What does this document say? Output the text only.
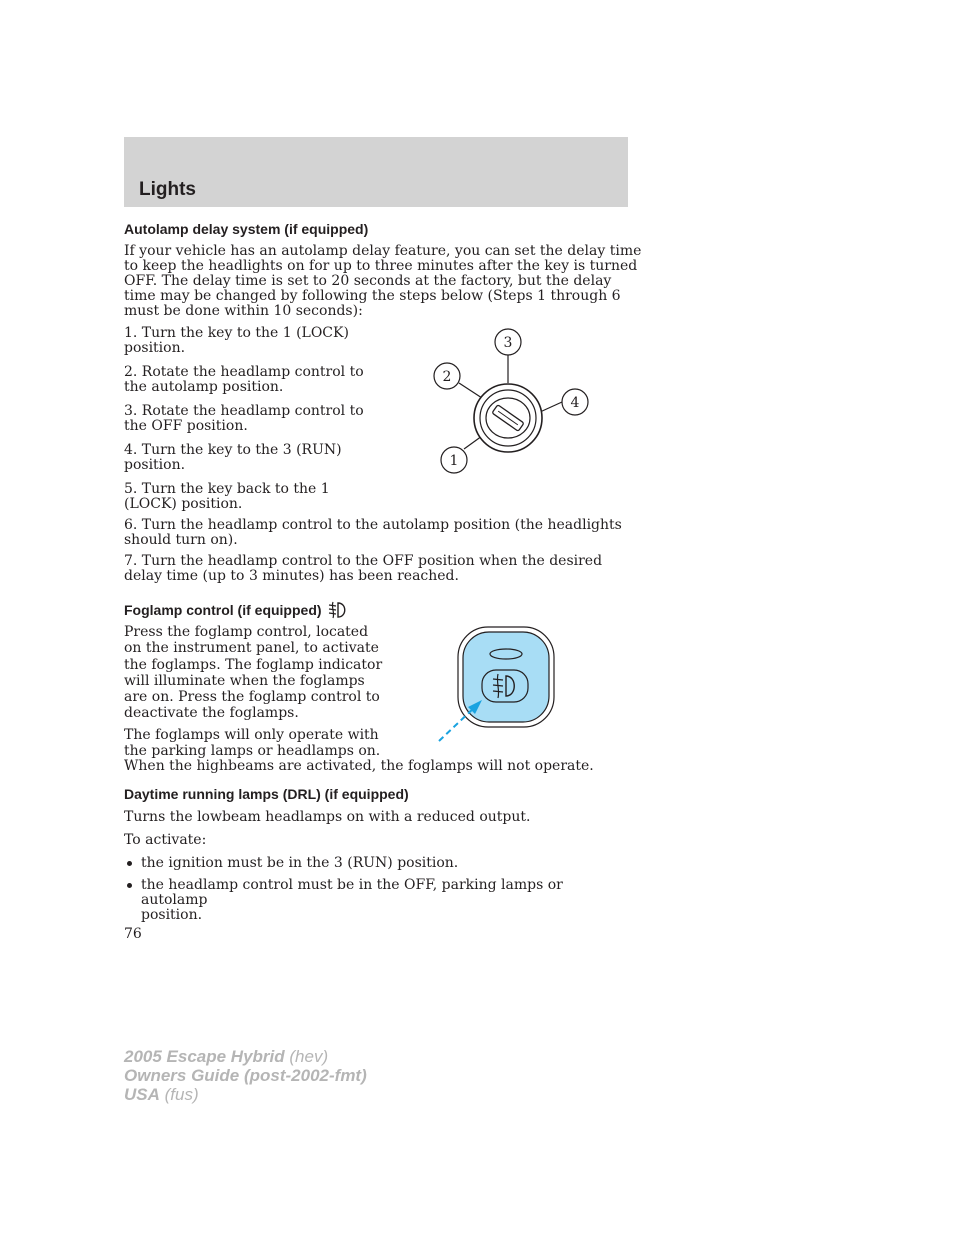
Lights
Autolamp delay system (if equipped)
If your vehicle has an autolamp delay feature, you can set the delay time
to keep the headlights on for up to three minutes after the key is turned
OFF. The delay time is set to 20 seconds at the factory, but the delay
time may be changed by following the steps below (Steps 1 through 6
must be done within 10 seconds):
1. Turn the key to the 1 (LOCK)
position.
2. Rotate the headlamp control to
the autolamp position.
3. Rotate the headlamp control to
the OFF position.
4. Turn the key to the 3 (RUN)
position.
5. Turn the key back to the 1
(LOCK) position.
6. Turn the headlamp control to the autolamp position (the headlights
should turn on).
7. Turn the headlamp control to the OFF position when the desired
delay time (up to 3 minutes) has been reached.
3
2
4
1
Foglamp control (if equipped)
Press the foglamp control, located
on the instrument panel, to activate
the foglamps. The foglamp indicator
will illuminate when the foglamps
are on. Press the foglamp control to
deactivate the foglamps.
The foglamps will only operate with
the parking lamps or headlamps on.
When the highbeams are activated, the foglamps will not operate.
Daytime running lamps (DRL) (if equipped)
Turns the lowbeam headlamps on with a reduced output.
To activate:
the ignition must be in the 3 (RUN) position.
the headlamp control must be in the OFF, parking lamps or autolamp
position.
76
2005 Escape Hybrid (hev)
Owners Guide (post-2002-fmt)
USA (fus)
